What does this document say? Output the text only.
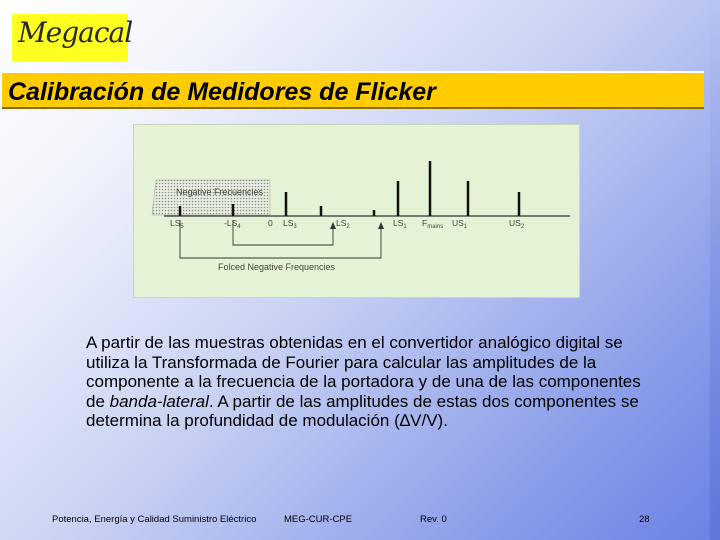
Megacal
Calibración de Medidores de Flicker
Negative Frecuencies
$LS_5$	$-LS_4$	0 $LS_3$	$LS_2$	$LS_1$ $F_{mains}$ $US_1$	$US_2$
Folced Negative Frequencies
A partir de las muestras obtenidas en el convertidor analógico digital se utiliza la Transformada de Fourier para calcular las amplitudes de la componente a la frecuencia de la portadora y de una de las componentes de banda-lateral. A partir de las amplitudes de estas dos componentes se determina la profundidad de modulación (∆V/V).
Potencia, Energía y Calidad Suministro Eléctrico	MEG-CUR-CPE	Rev. 0	28
